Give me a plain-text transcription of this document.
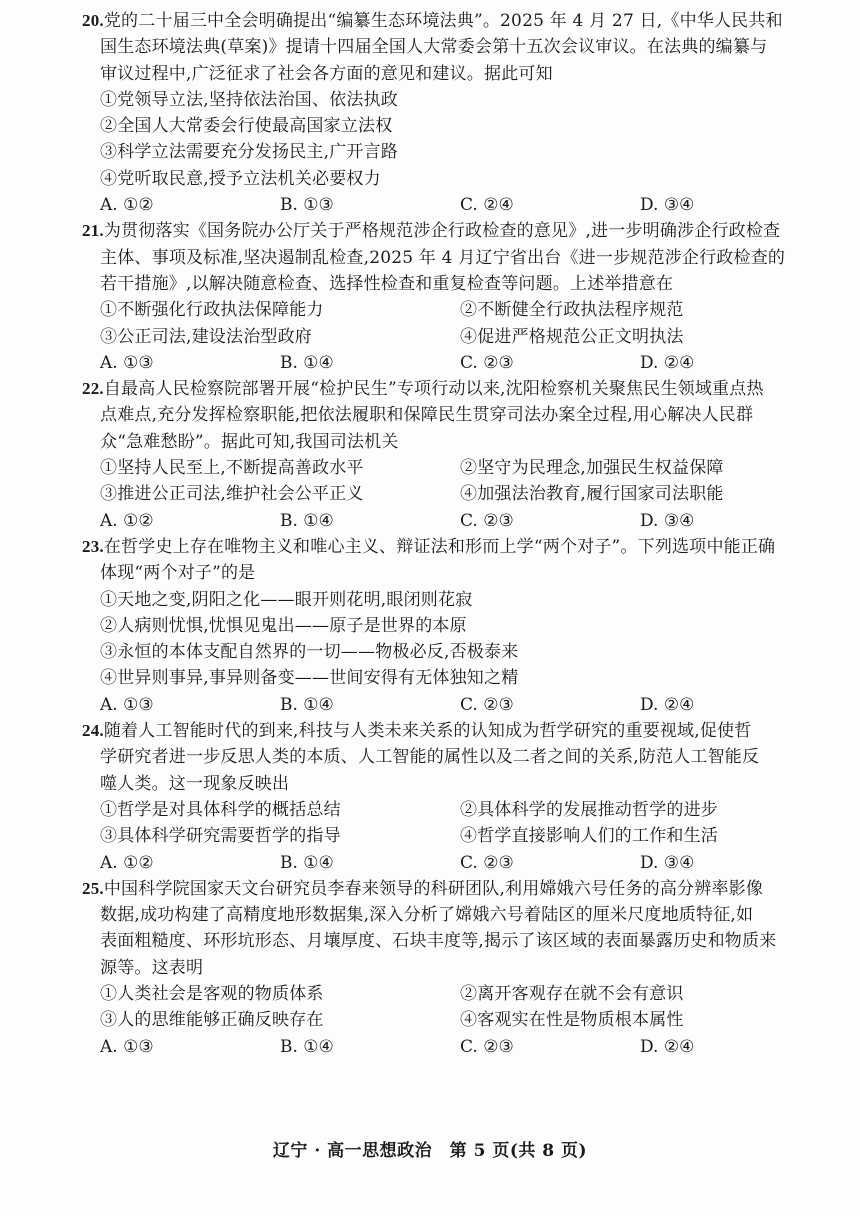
20.党的二十届三中全会明确提出“编纂生态环境法典”。2025 年 4 月 27 日,《中华人民共和
国生态环境法典(草案)》提请十四届全国人大常委会第十五次会议审议。在法典的编纂与
审议过程中,广泛征求了社会各方面的意见和建议。据此可知
①党领导立法,坚持依法治国、依法执政
②全国人大常委会行使最高国家立法权
③科学立法需要充分发扬民主,广开言路
④党听取民意,授予立法机关必要权力
A. ①②	B. ①③	C. ②④	D. ③④
21.为贯彻落实《国务院办公厅关于严格规范涉企行政检查的意见》,进一步明确涉企行政检查
主体、事项及标准,坚决遏制乱检查,2025 年 4 月辽宁省出台《进一步规范涉企行政检查的
若干措施》,以解决随意检查、选择性检查和重复检查等问题。上述举措意在
①不断强化行政执法保障能力	②不断健全行政执法程序规范
③公正司法,建设法治型政府	④促进严格规范公正文明执法
A. ①③	B. ①④	C. ②③	D. ②④
22.自最高人民检察院部署开展“检护民生”专项行动以来,沈阳检察机关聚焦民生领域重点热
点难点,充分发挥检察职能,把依法履职和保障民生贯穿司法办案全过程,用心解决人民群
众“急难愁盼”。据此可知,我国司法机关
①坚持人民至上,不断提高善政水平	②坚守为民理念,加强民生权益保障
③推进公正司法,维护社会公平正义	④加强法治教育,履行国家司法职能
A. ①②	B. ①④	C. ②③	D. ③④
23.在哲学史上存在唯物主义和唯心主义、辩证法和形而上学“两个对子”。下列选项中能正确
体现“两个对子”的是
①天地之变,阴阳之化——眼开则花明,眼闭则花寂
②人病则忧惧,忧惧见鬼出——原子是世界的本原
③永恒的本体支配自然界的一切——物极必反,否极泰来
④世异则事异,事异则备变——世间安得有无体独知之精
A. ①③	B. ①④	C. ②③	D. ②④
24.随着人工智能时代的到来,科技与人类未来关系的认知成为哲学研究的重要视域,促使哲
学研究者进一步反思人类的本质、人工智能的属性以及二者之间的关系,防范人工智能反
噬人类。这一现象反映出
①哲学是对具体科学的概括总结	②具体科学的发展推动哲学的进步
③具体科学研究需要哲学的指导	④哲学直接影响人们的工作和生活
A. ①②	B. ①④	C. ②③	D. ③④
25.中国科学院国家天文台研究员李春来领导的科研团队,利用嫦娥六号任务的高分辨率影像
数据,成功构建了高精度地形数据集,深入分析了嫦娥六号着陆区的厘米尺度地质特征,如
表面粗糙度、环形坑形态、月壤厚度、石块丰度等,揭示了该区域的表面暴露历史和物质来
源等。这表明
①人类社会是客观的物质体系	②离开客观存在就不会有意识
③人的思维能够正确反映存在	④客观实在性是物质根本属性
A. ①③	B. ①④	C. ②③	D. ②④
辽宁 · 高一思想政治　第 5 页(共 8 页)
